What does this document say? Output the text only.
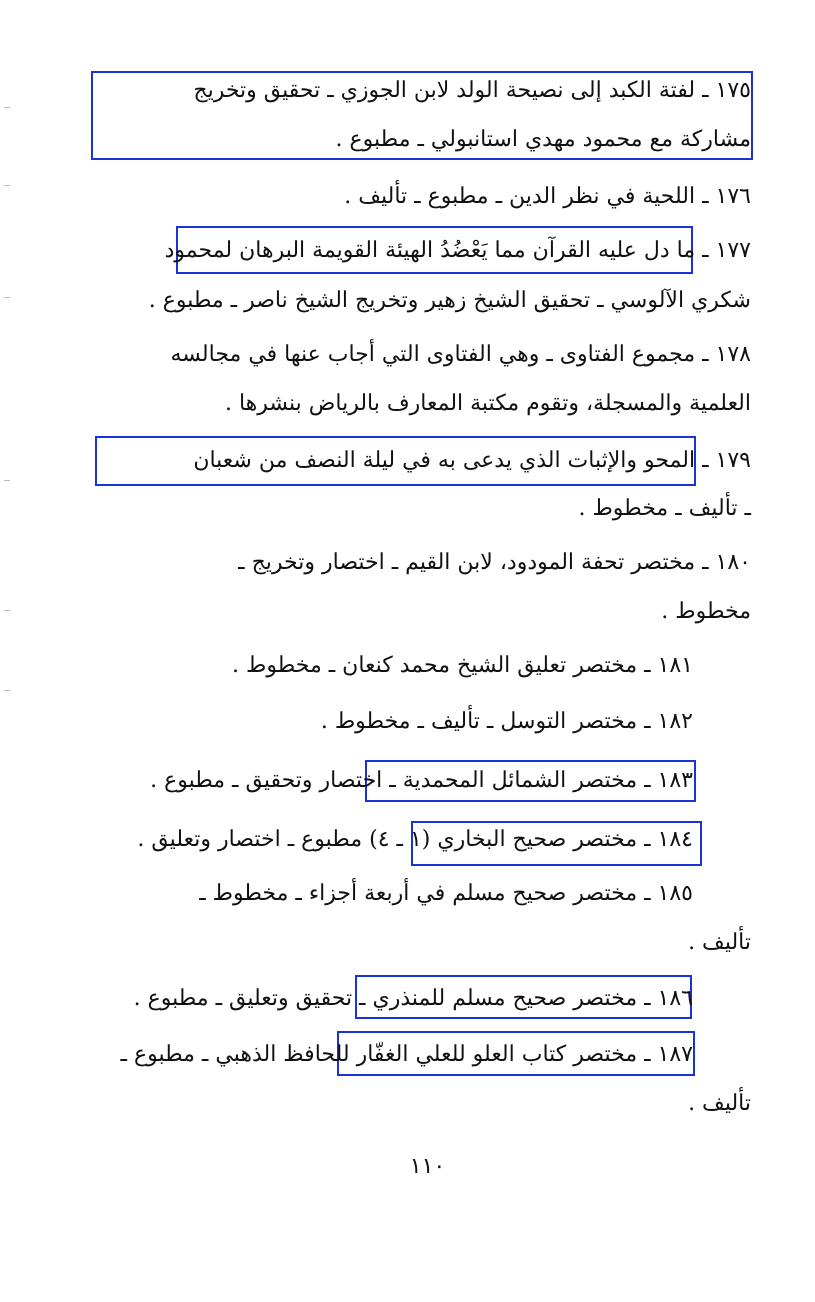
١٧٥ ـ لفتة الكبد إلى نصيحة الولد لابن الجوزي ـ تحقيق وتخريج
مشاركة مع محمود مهدي استانبولي ـ مطبوع .
١٧٦ ـ اللحية في نظر الدين ـ مطبوع ـ تأليف .
١٧٧ ـ ما دل عليه القرآن مما يَعْضُدُ الهيئة القويمة البرهان لمحمود
شكري الآلوسي ـ تحقيق الشيخ زهير وتخريج الشيخ ناصر ـ مطبوع .
١٧٨ ـ مجموع الفتاوى ـ وهي الفتاوى التي أجاب عنها في مجالسه
العلمية والمسجلة، وتقوم مكتبة المعارف بالرياض بنشرها .
١٧٩ ـ المحو والإثبات الذي يدعى به في ليلة النصف من شعبان
ـ تأليف ـ مخطوط .
١٨٠ ـ مختصر تحفة المودود، لابن القيم ـ اختصار وتخريج ـ
مخطوط .
١٨١ ـ مختصر تعليق الشيخ محمد كنعان ـ مخطوط .
١٨٢ ـ مختصر التوسل ـ تأليف ـ مخطوط .
١٨٣ ـ مختصر الشمائل المحمدية ـ اختصار وتحقيق ـ مطبوع .
١٨٤ ـ مختصر صحيح البخاري (١ ـ ٤) مطبوع ـ اختصار وتعليق .
١٨٥ ـ مختصر صحيح مسلم في أربعة أجزاء ـ مخطوط ـ
تأليف .
١٨٦ ـ مختصر صحيح مسلم للمنذري ـ تحقيق وتعليق ـ مطبوع .
١٨٧ ـ مختصر كتاب العلو للعلي الغفّار للحافظ الذهبي ـ مطبوع ـ
تأليف .
١١٠
